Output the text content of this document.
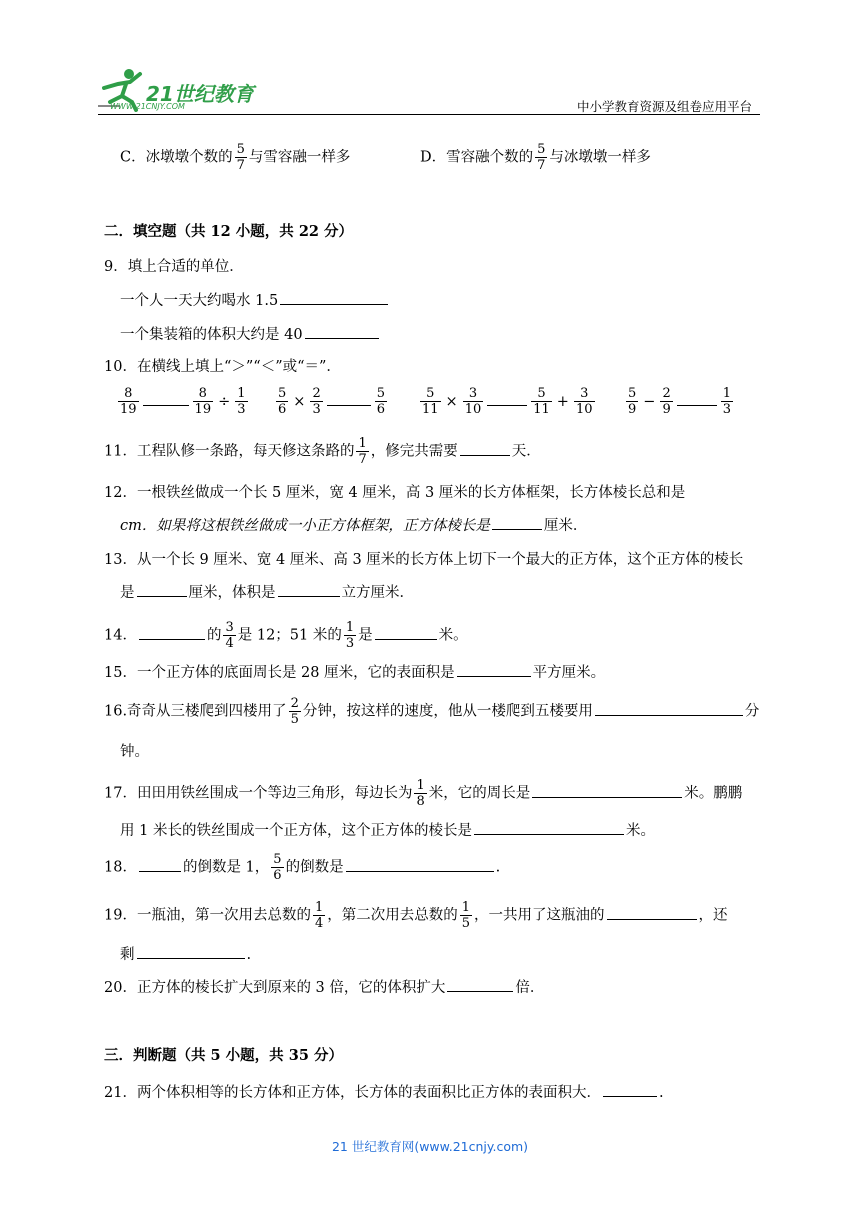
21世纪教育
WWW.21CNJY.COM	中小学教育资源及组卷应用平台
C．冰墩墩个数的 $\frac{5}{7}$ 与雪容融一样多	D．雪容融个数的 $\frac{5}{7}$ 与冰墩墩一样多
二．填空题（共 12 小题，共 22 分）
9．填上合适的单位．
一个人一天大约喝水 1.5
一个集装箱的体积大约是 40
10．在横线上填上“＞”“＜”或“＝”．
$\frac{8}{19}$	$\frac{8}{19} \div \frac{1}{3} \frac{5}{6} \times \frac{2}{3}$	$\frac{5}{6}$	$\frac{5}{11} \times \frac{3}{10}$	$\frac{5}{11} + \frac{3}{10} \frac{5}{9} - \frac{2}{9}$	$\frac{1}{3}$
11．工程队修一条路，每天修这条路的 $\frac{1}{7}$ ，修完共需要	天．
12．一根铁丝做成一个长 5 厘米，宽 4 厘米，高 3 厘米的长方体框架，长方体棱长总和是
cm．如果将这根铁丝做成一小正方体框架，正方体棱长是	厘米．
13．从一个长 9 厘米、宽 4 厘米、高 3 厘米的长方体上切下一个最大的正方体，这个正方体的棱长
是	厘米，体积是	立方厘米．
14．	的 $\frac{3}{4}$ 是 12；51 米的 $\frac{1}{3}$ 是	米。
15．一个正方体的底面周长是 28 厘米，它的表面积是	平方厘米。
16.奇奇从三楼爬到四楼用了 $\frac{2}{5}$ 分钟，按这样的速度，他从一楼爬到五楼要用	分
钟。
17．田田用铁丝围成一个等边三角形，每边长为 $\frac{1}{8}$ 米，它的周长是	米。鹏鹏
用 1 米长的铁丝围成一个正方体，这个正方体的棱长是	米。
18．	的倒数是 1， $\frac{5}{6}$ 的倒数是	.
19．一瓶油，第一次用去总数的 $\frac{1}{4}$ ，第二次用去总数的 $\frac{1}{5}$ ，一共用了这瓶油的	，还
剩	.
20．正方体的棱长扩大到原来的 3 倍，它的体积扩大	倍．
三．判断题（共 5 小题，共 35 分）
21．两个体积相等的长方体和正方体，长方体的表面积比正方体的表面积大．	.
21 世纪教育网(www.21cnjy.com)
